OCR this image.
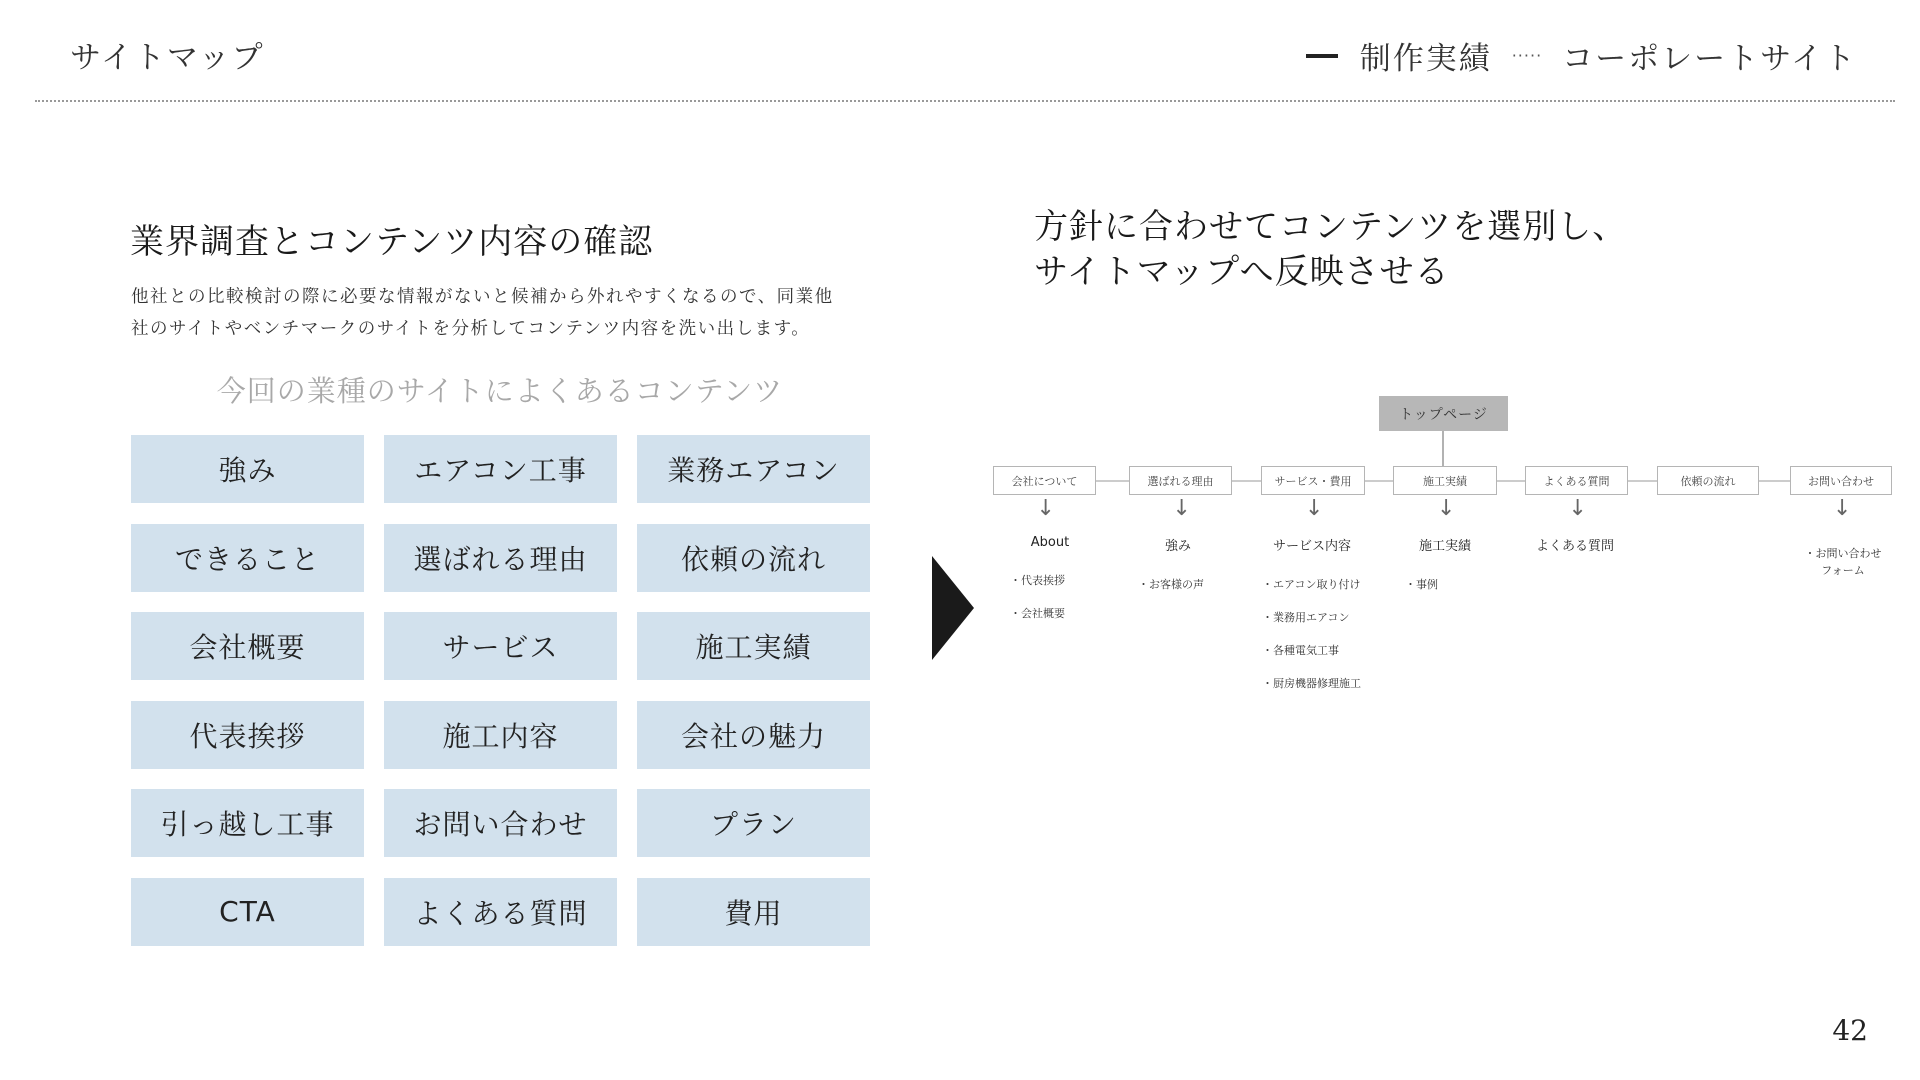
サイトマップ	制作実績 ····· コーポレートサイト
業界調査とコンテンツ内容の確認
他社との比較検討の際に必要な情報がないと候補から外れやすくなるので、同業他
社のサイトやベンチマークのサイトを分析してコンテンツ内容を洗い出します。
今回の業種のサイトによくあるコンテンツ
強み	エアコン工事	業務エアコン
できること	選ばれる理由	依頼の流れ
会社概要	サービス	施工実績
代表挨拶	施工内容	会社の魅力
引っ越し工事	お問い合わせ	プラン
CTA	よくある質問	費用
方針に合わせてコンテンツを選別し、
サイトマップへ反映させる
トップページ
会社について
↓
About
・代表挨拶
・会社概要
選ばれる理由
↓
強み
・お客様の声
サービス・費用
↓
サービス内容
・エアコン取り付け
・業務用エアコン
・各種電気工事
・厨房機器修理施工
施工実績
↓
施工実績
・事例
よくある質問
↓
よくある質問
依頼の流れ	お問い合わせ
↓
・お問い合わせ
フォーム
42
